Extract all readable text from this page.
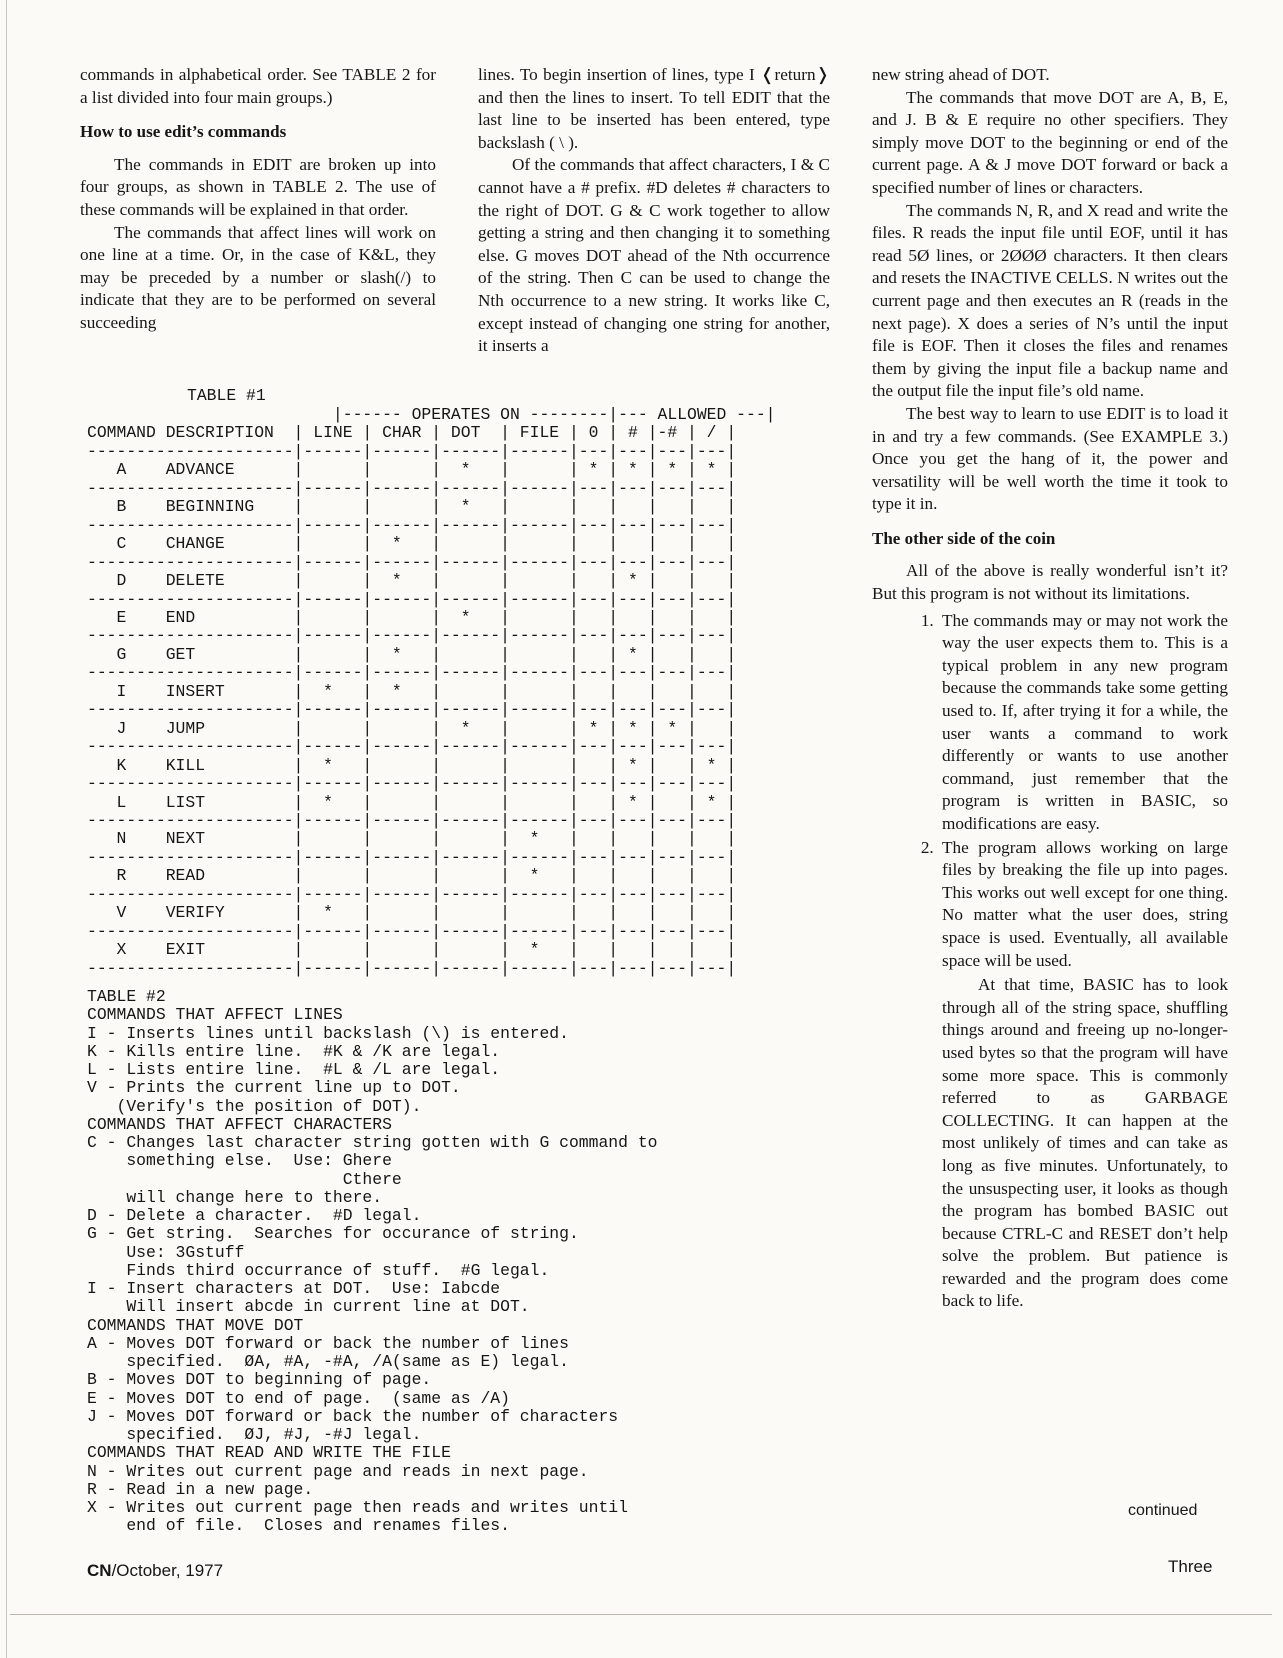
commands in alphabetical order. See TABLE 2 for a list divided into four main groups.)

How to use edit’s commands

The commands in EDIT are broken up into four groups, as shown in TABLE 2. The use of these commands will be explained in that order.

The commands that affect lines will work on one line at a time. Or, in the case of K&L, they may be preceded by a number or slash(/) to indicate that they are to be performed on several succeeding

lines. To begin insertion of lines, type I ❬return❭ and then the lines to insert. To tell EDIT that the last line to be inserted has been entered, type backslash ( \ ).

Of the commands that affect characters, I & C cannot have a # prefix. #D deletes # characters to the right of DOT. G & C work together to allow getting a string and then changing it to something else. G moves DOT ahead of the Nth occurrence of the string. Then C can be used to change the Nth occurrence to a new string. It works like C, except instead of changing one string for another, it inserts a

new string ahead of DOT.

The commands that move DOT are A, B, E, and J. B & E require no other specifiers. They simply move DOT to the beginning or end of the current page. A & J move DOT forward or back a specified number of lines or characters.

The commands N, R, and X read and write the files. R reads the input file until EOF, until it has read 5Ø lines, or 2ØØØ characters. It then clears and resets the INACTIVE CELLS. N writes out the current page and then executes an R (reads in the next page). X does a series of N’s until the input file is EOF. Then it closes the files and renames them by giving the input file a backup name and the output file the input file’s old name.

The best way to learn to use EDIT is to load it in and try a few commands. (See EXAMPLE 3.) Once you get the hang of it, the power and versatility will be well worth the time it took to type it in.

The other side of the coin

All of the above is really wonderful isn’t it? But this program is not without its limitations.

1. The commands may or may not work the way the user expects them to. This is a typical problem in any new program because the commands take some getting used to. If, after trying it for a while, the user wants a command to work differently or wants to use another command, just remember that the program is written in BASIC, so modifications are easy.
2. The program allows working on large files by breaking the file up into pages. This works out well except for one thing. No matter what the user does, string space is used. Eventually, all available space will be used.

At that time, BASIC has to look through all of the string space, shuffling things around and freeing up no-longer-used bytes so that the program will have some more space. This is commonly referred to as GARBAGE COLLECTING. It can happen at the most unlikely of times and can take as long as five minutes. Unfortunately, to the unsuspecting user, it looks as though the program has bombed BASIC out because CTRL-C and RESET don’t help solve the problem. But patience is rewarded and the program does come back to life.

TABLE #1
|------ OPERATES ON --------|--- ALLOWED ---|
COMMAND DESCRIPTION  | LINE | CHAR | DOT  | FILE | 0 | # |-# | / |
---------------------|------|------|------|------|---|---|---|---|
A    ADVANCE      |      |      |  *   |      | * | * | * | * |
---------------------|------|------|------|------|---|---|---|---|
B    BEGINNING    |      |      |  *   |      |   |   |   |   |
---------------------|------|------|------|------|---|---|---|---|
C    CHANGE       |      |  *   |      |      |   |   |   |   |
---------------------|------|------|------|------|---|---|---|---|
D    DELETE       |      |  *   |      |      |   | * |   |   |
---------------------|------|------|------|------|---|---|---|---|
E    END          |      |      |  *   |      |   |   |   |   |
---------------------|------|------|------|------|---|---|---|---|
G    GET          |      |  *   |      |      |   | * |   |   |
---------------------|------|------|------|------|---|---|---|---|
I    INSERT       |  *   |  *   |      |      |   |   |   |   |
---------------------|------|------|------|------|---|---|---|---|
J    JUMP         |      |      |  *   |      | * | * | * |   |
---------------------|------|------|------|------|---|---|---|---|
K    KILL         |  *   |      |      |      |   | * |   | * |
---------------------|------|------|------|------|---|---|---|---|
L    LIST         |  *   |      |      |      |   | * |   | * |
---------------------|------|------|------|------|---|---|---|---|
N    NEXT         |      |      |      |  *   |   |   |   |   |
---------------------|------|------|------|------|---|---|---|---|
R    READ         |      |      |      |  *   |   |   |   |   |
---------------------|------|------|------|------|---|---|---|---|
V    VERIFY       |  *   |      |      |      |   |   |   |   |
---------------------|------|------|------|------|---|---|---|---|
X    EXIT         |      |      |      |  *   |   |   |   |   |
---------------------|------|------|------|------|---|---|---|---|
TABLE #2
COMMANDS THAT AFFECT LINES
I - Inserts lines until backslash (\) is entered.
K - Kills entire line.  #K & /K are legal.
L - Lists entire line.  #L & /L are legal.
V - Prints the current line up to DOT.
(Verify's the position of DOT).
COMMANDS THAT AFFECT CHARACTERS
C - Changes last character string gotten with G command to
something else.  Use: Ghere
Cthere
will change here to there.
D - Delete a character.  #D legal.
G - Get string.  Searches for occurance of string.
Use: 3Gstuff
Finds third occurrance of stuff.  #G legal.
I - Insert characters at DOT.  Use: Iabcde
Will insert abcde in current line at DOT.
COMMANDS THAT MOVE DOT
A - Moves DOT forward or back the number of lines
specified.  ØA, #A, -#A, /A(same as E) legal.
B - Moves DOT to beginning of page.
E - Moves DOT to end of page.  (same as /A)
J - Moves DOT forward or back the number of characters
specified.  ØJ, #J, -#J legal.
COMMANDS THAT READ AND WRITE THE FILE
N - Writes out current page and reads in next page.
R - Read in a new page.
X - Writes out current page then reads and writes until
end of file.  Closes and renames files.
continued
CN/October, 1977	Three
